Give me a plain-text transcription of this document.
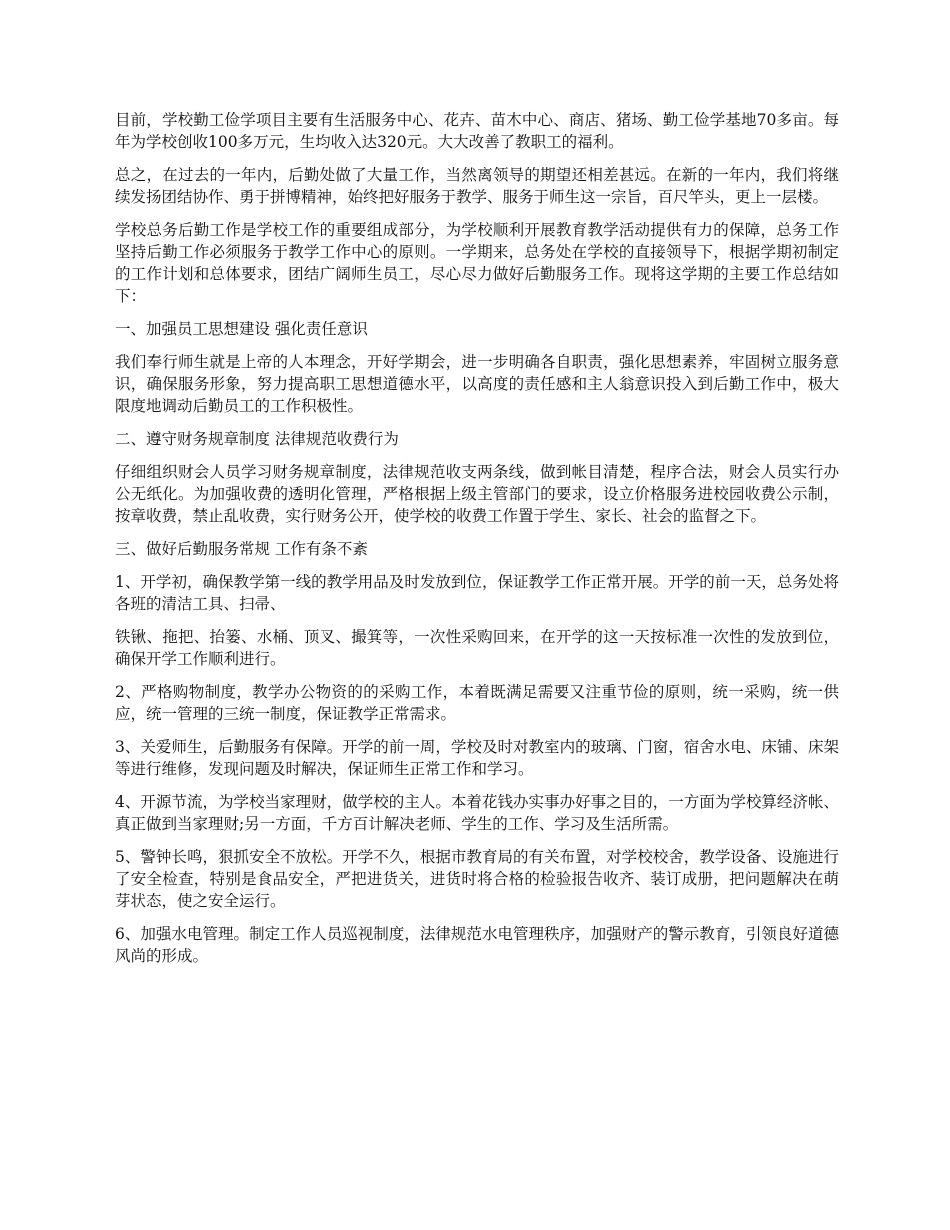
目前，学校勤工俭学项目主要有生活服务中心、花卉、苗木中心、商店、猪场、勤工俭学基地70多亩。每年为学校创收100多万元，生均收入达320元。大大改善了教职工的福利。

总之，在过去的一年内，后勤处做了大量工作，当然离领导的期望还相差甚远。在新的一年内，我们将继续发扬团结协作、勇于拼博精神，始终把好服务于教学、服务于师生这一宗旨，百尺竿头，更上一层楼。

学校总务后勤工作是学校工作的重要组成部分，为学校顺利开展教育教学活动提供有力的保障，总务工作坚持后勤工作必须服务于教学工作中心的原则。一学期来，总务处在学校的直接领导下，根据学期初制定的工作计划和总体要求，团结广阔师生员工，尽心尽力做好后勤服务工作。现将这学期的主要工作总结如下：

一、加强员工思想建设 强化责任意识

我们奉行师生就是上帝的人本理念，开好学期会，进一步明确各自职责，强化思想素养，牢固树立服务意识，确保服务形象，努力提高职工思想道德水平，以高度的责任感和主人翁意识投入到后勤工作中，极大限度地调动后勤员工的工作积极性。

二、遵守财务规章制度 法律规范收费行为

仔细组织财会人员学习财务规章制度，法律规范收支两条线，做到帐目清楚，程序合法，财会人员实行办公无纸化。为加强收费的透明化管理，严格根据上级主管部门的要求，设立价格服务进校园收费公示制，按章收费，禁止乱收费，实行财务公开，使学校的收费工作置于学生、家长、社会的监督之下。

三、做好后勤服务常规 工作有条不紊

1、开学初，确保教学第一线的教学用品及时发放到位，保证教学工作正常开展。开学的前一天，总务处将各班的清洁工具、扫帚、

铁锹、拖把、抬篓、水桶、顶叉、撮箕等，一次性采购回来，在开学的这一天按标准一次性的发放到位，确保开学工作顺利进行。

2、严格购物制度，教学办公物资的的采购工作，本着既满足需要又注重节俭的原则，统一采购，统一供应，统一管理的三统一制度，保证教学正常需求。

3、关爱师生，后勤服务有保障。开学的前一周，学校及时对教室内的玻璃、门窗，宿舍水电、床铺、床架等进行维修，发现问题及时解决，保证师生正常工作和学习。

4、开源节流，为学校当家理财，做学校的主人。本着花钱办实事办好事之目的，一方面为学校算经济帐、真正做到当家理财;另一方面，千方百计解决老师、学生的工作、学习及生活所需。

5、警钟长鸣，狠抓安全不放松。开学不久，根据市教育局的有关布置，对学校校舍，教学设备、设施进行了安全检查，特别是食品安全，严把进货关，进货时将合格的检验报告收齐、装订成册，把问题解决在萌芽状态，使之安全运行。

6、加强水电管理。制定工作人员巡视制度，法律规范水电管理秩序，加强财产的警示教育，引领良好道德风尚的形成。
